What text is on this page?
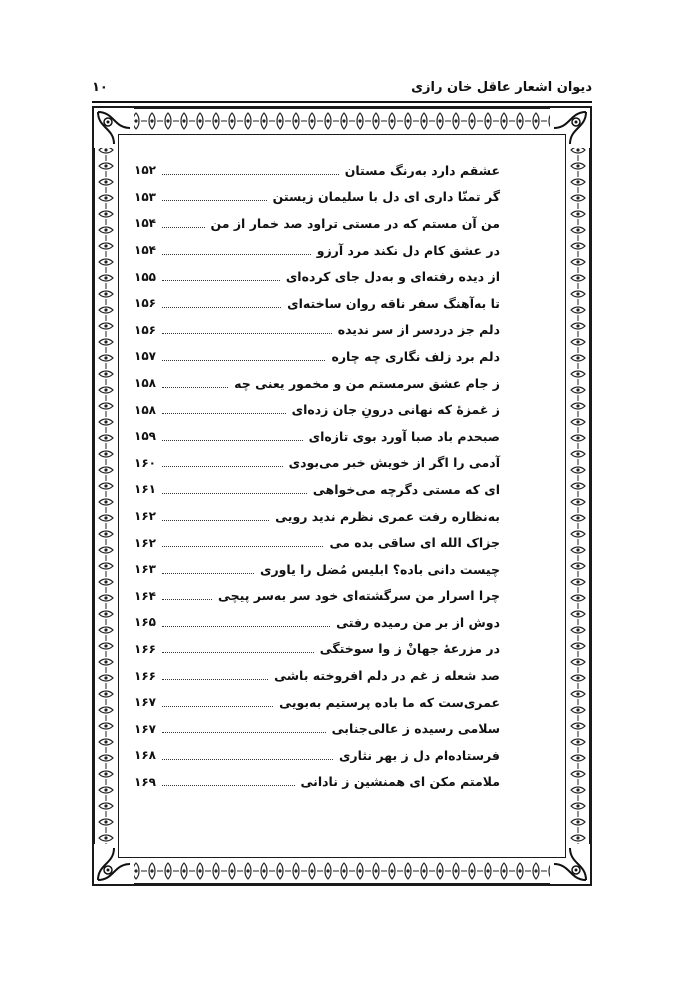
دیوان اشعار عاقل خان رازی
۱۰
عشقم دارد به‌رنگ مستان
۱۵۲
گر تمنّا داری ای دل با سلیمان زیستن
۱۵۳
من آن مستم که در مستی تراود صد خمار از من
۱۵۴
در عشق کام دل نکند مرد آرزو
۱۵۴
از دیده رفته‌ای و به‌دل جای کرده‌ای
۱۵۵
تا به‌آهنگ سفر ناقه روان ساخته‌ای
۱۵۶
دلم جز دردسر از سر ندیده
۱۵۶
دلم برد زلف نگاری چه چاره
۱۵۷
ز جام عشق سرمستم من و مخمور یعنی چه
۱۵۸
ز غمزهٔ که نهانی درونِ جان زده‌ای
۱۵۸
صبحدم باد صبا آورد بوی تازه‌ای
۱۵۹
آدمی را اگر از خویش خبر می‌بودی
۱۶۰
ای که مستی دگرچه می‌خواهی
۱۶۱
به‌نظاره رفت عمری نظرم ندید رویی
۱۶۲
جزاک الله ای ساقی بده می
۱۶۲
چیست دانی باده؟ ابلیس مُضل را یاوری
۱۶۳
چرا اسرار من سرگشته‌ای خود سر به‌سر پیچی
۱۶۴
دوش از بر من رمیده رفتی
۱۶۵
در مزرعهٔ جهانْ ز وا سوختگی
۱۶۶
صد شعله ز غم در دلم افروخته باشی
۱۶۶
عمری‌ست که ما باده پرستیم به‌بویی
۱۶۷
سلامی رسیده ز عالی‌جنابی
۱۶۷
فرستاده‌ام دل ز بهر نثاری
۱۶۸
ملامتم مکن ای همنشین ز نادانی
۱۶۹
